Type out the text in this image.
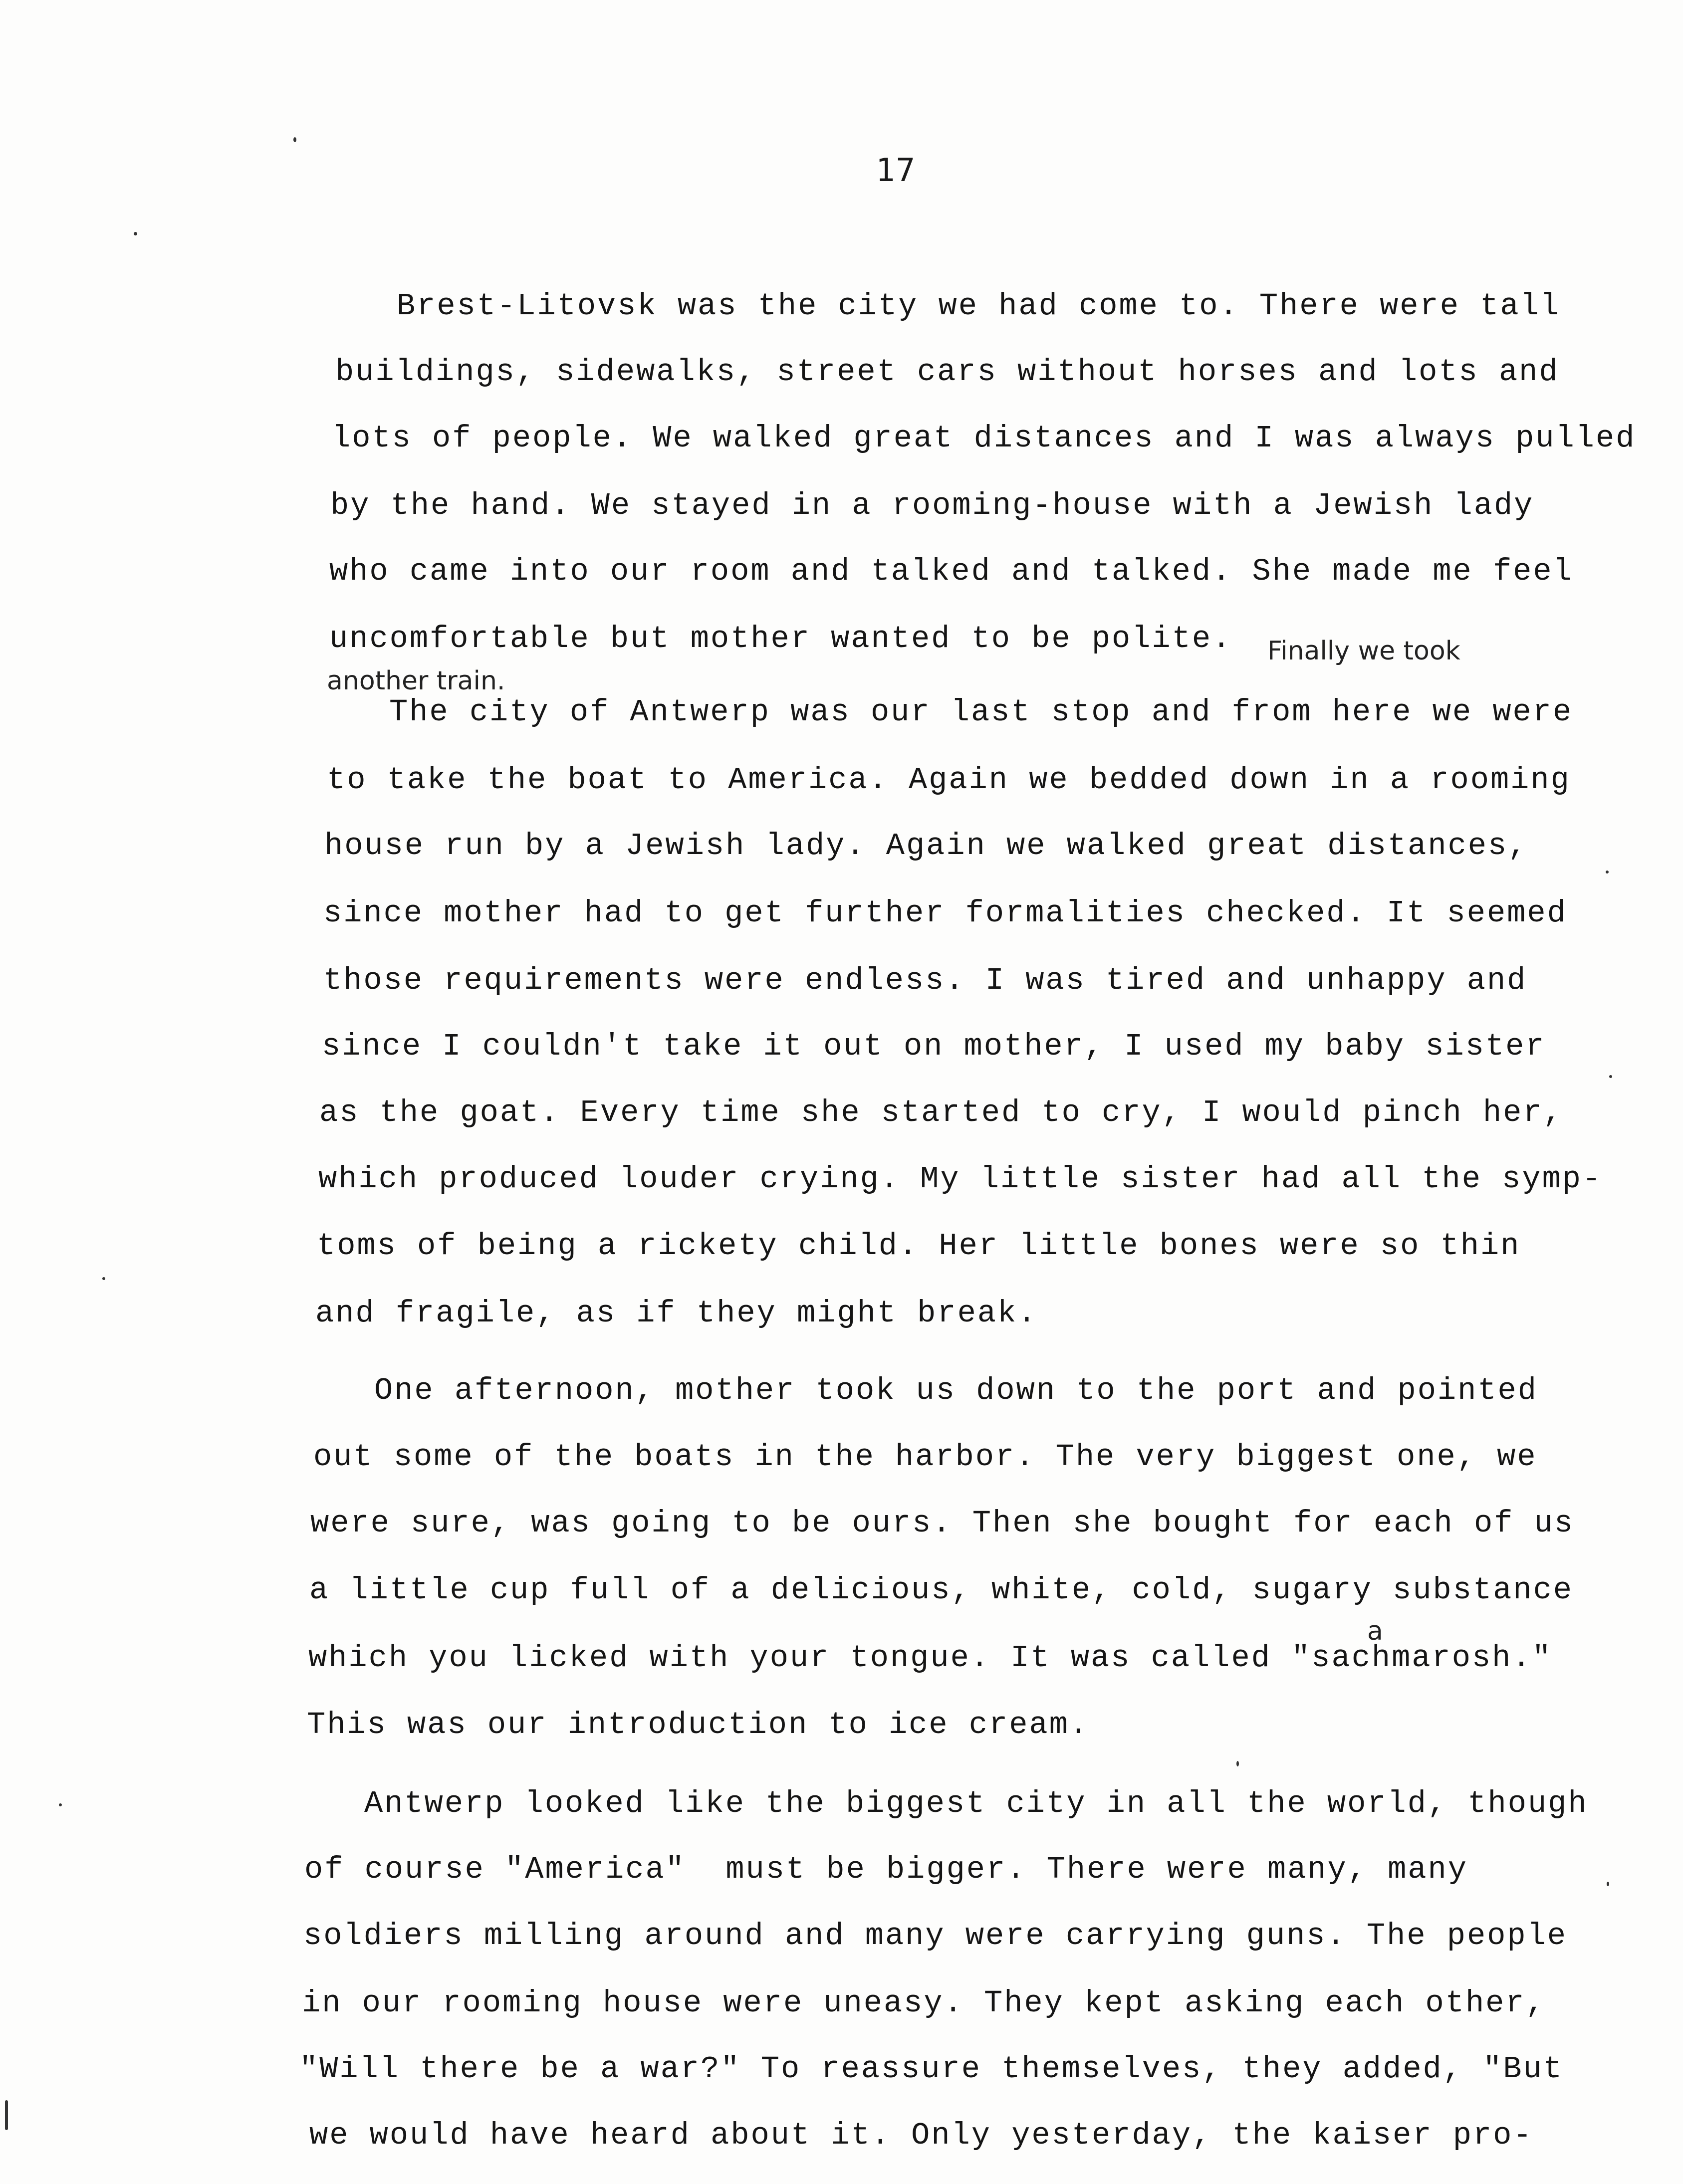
17
Brest-Litovsk was the city we had come to. There were tall
buildings, sidewalks, street cars without horses and lots and
lots of people. We walked great distances and I was always pulled
by the hand. We stayed in a rooming-house with a Jewish lady
who came into our room and talked and talked. She made me feel
uncomfortable but mother wanted to be polite. Finally we took
another train.
The city of Antwerp was our last stop and from here we were
to take the boat to America. Again we bedded down in a rooming
house run by a Jewish lady. Again we walked great distances,
since mother had to get further formalities checked. It seemed
those requirements were endless. I was tired and unhappy and
since I couldn't take it out on mother, I used my baby sister
as the goat. Every time she started to cry, I would pinch her,
which produced louder crying. My little sister had all the symp-
toms of being a rickety child. Her little bones were so thin
and fragile, as if they might break.
One afternoon, mother took us down to the port and pointed
out some of the boats in the harbor. The very biggest one, we
were sure, was going to be ours. Then she bought for each of us
a little cup full of a delicious, white, cold, sugary substance
a
which you licked with your tongue. It was called "sachmarosh."
This was our introduction to ice cream.
Antwerp looked like the biggest city in all the world, though
of course "America"  must be bigger. There were many, many
soldiers milling around and many were carrying guns. The people
in our rooming house were uneasy. They kept asking each other,
"Will there be a war?" To reassure themselves, they added, "But
we would have heard about it. Only yesterday, the kaiser pro-
